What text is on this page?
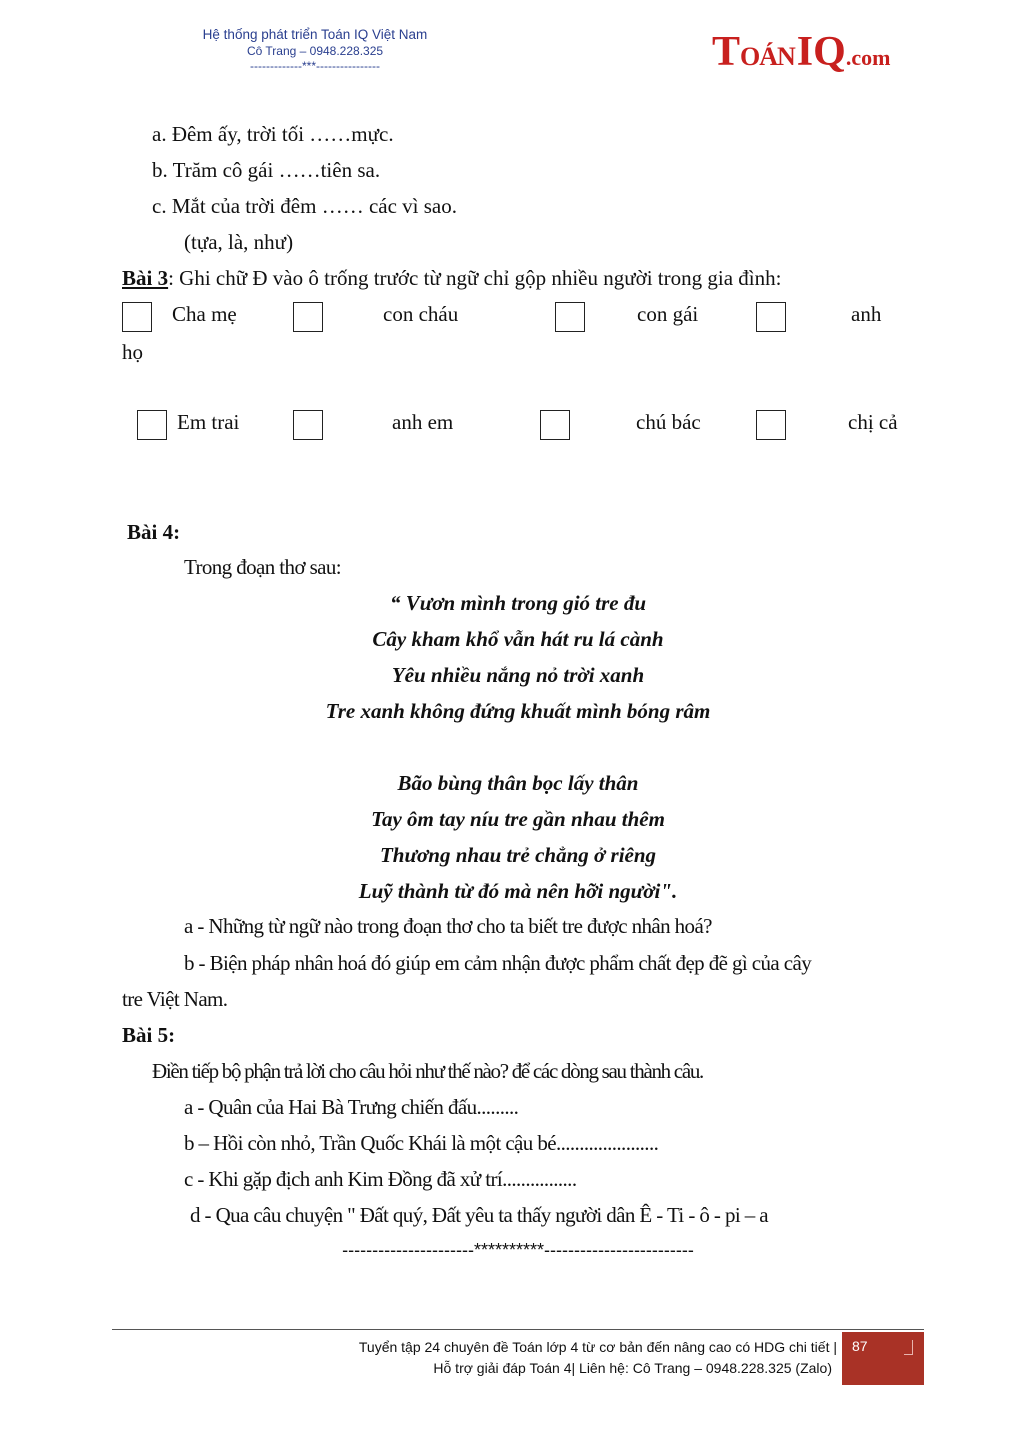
Hệ thống phát triển Toán IQ Việt Nam
Cô Trang – 0948.228.325
-------------***----------------	TOÁNIQ.com
a. Đêm ấy, trời tối ……mực.
b. Trăm cô gái ……tiên sa.
c. Mắt của trời đêm …… các vì sao.
(tựa, là, như)
Bài 3: Ghi chữ Đ vào ô trống trước từ ngữ chỉ gộp nhiều người trong gia đình:
Cha mẹ	con cháu	con gái	anh
họ
Em trai	anh em	chú bác	chị cả
Bài 4:
Trong đoạn thơ sau:
“ Vươn mình trong gió tre đu
Cây kham khổ vẫn hát ru lá cành
Yêu nhiều nắng nỏ trời xanh
Tre xanh không đứng khuất mình bóng râm
Bão bùng thân bọc lấy thân
Tay ôm tay níu tre gần nhau thêm
Thương nhau trẻ chẳng ở riêng
Luỹ thành từ đó mà nên hỡi người".
a - Những từ ngữ nào trong đoạn thơ cho ta biết tre được nhân hoá?
b - Biện pháp nhân hoá đó giúp em cảm nhận được phẩm chất đẹp đẽ gì của cây
tre Việt Nam.
Bài 5:
Điền tiếp bộ phận trả lời cho câu hỏi như thế nào? để các dòng sau thành câu.
a - Quân của Hai Bà Trưng chiến đấu.........
b – Hồi còn nhỏ, Trần Quốc Khái là một cậu bé......................
c - Khi gặp địch anh Kim Đồng đã xử trí................
d - Qua câu chuyện " Đất quý, Đất yêu ta thấy người dân Ê - Ti - ô - pi – a
----------------------**********-------------------------
Tuyển tập 24 chuyên đề Toán lớp 4 từ cơ bản đến nâng cao có HDG chi tiết |
Hỗ trợ giải đáp Toán 4| Liên hệ: Cô Trang – 0948.228.325 (Zalo)
87
